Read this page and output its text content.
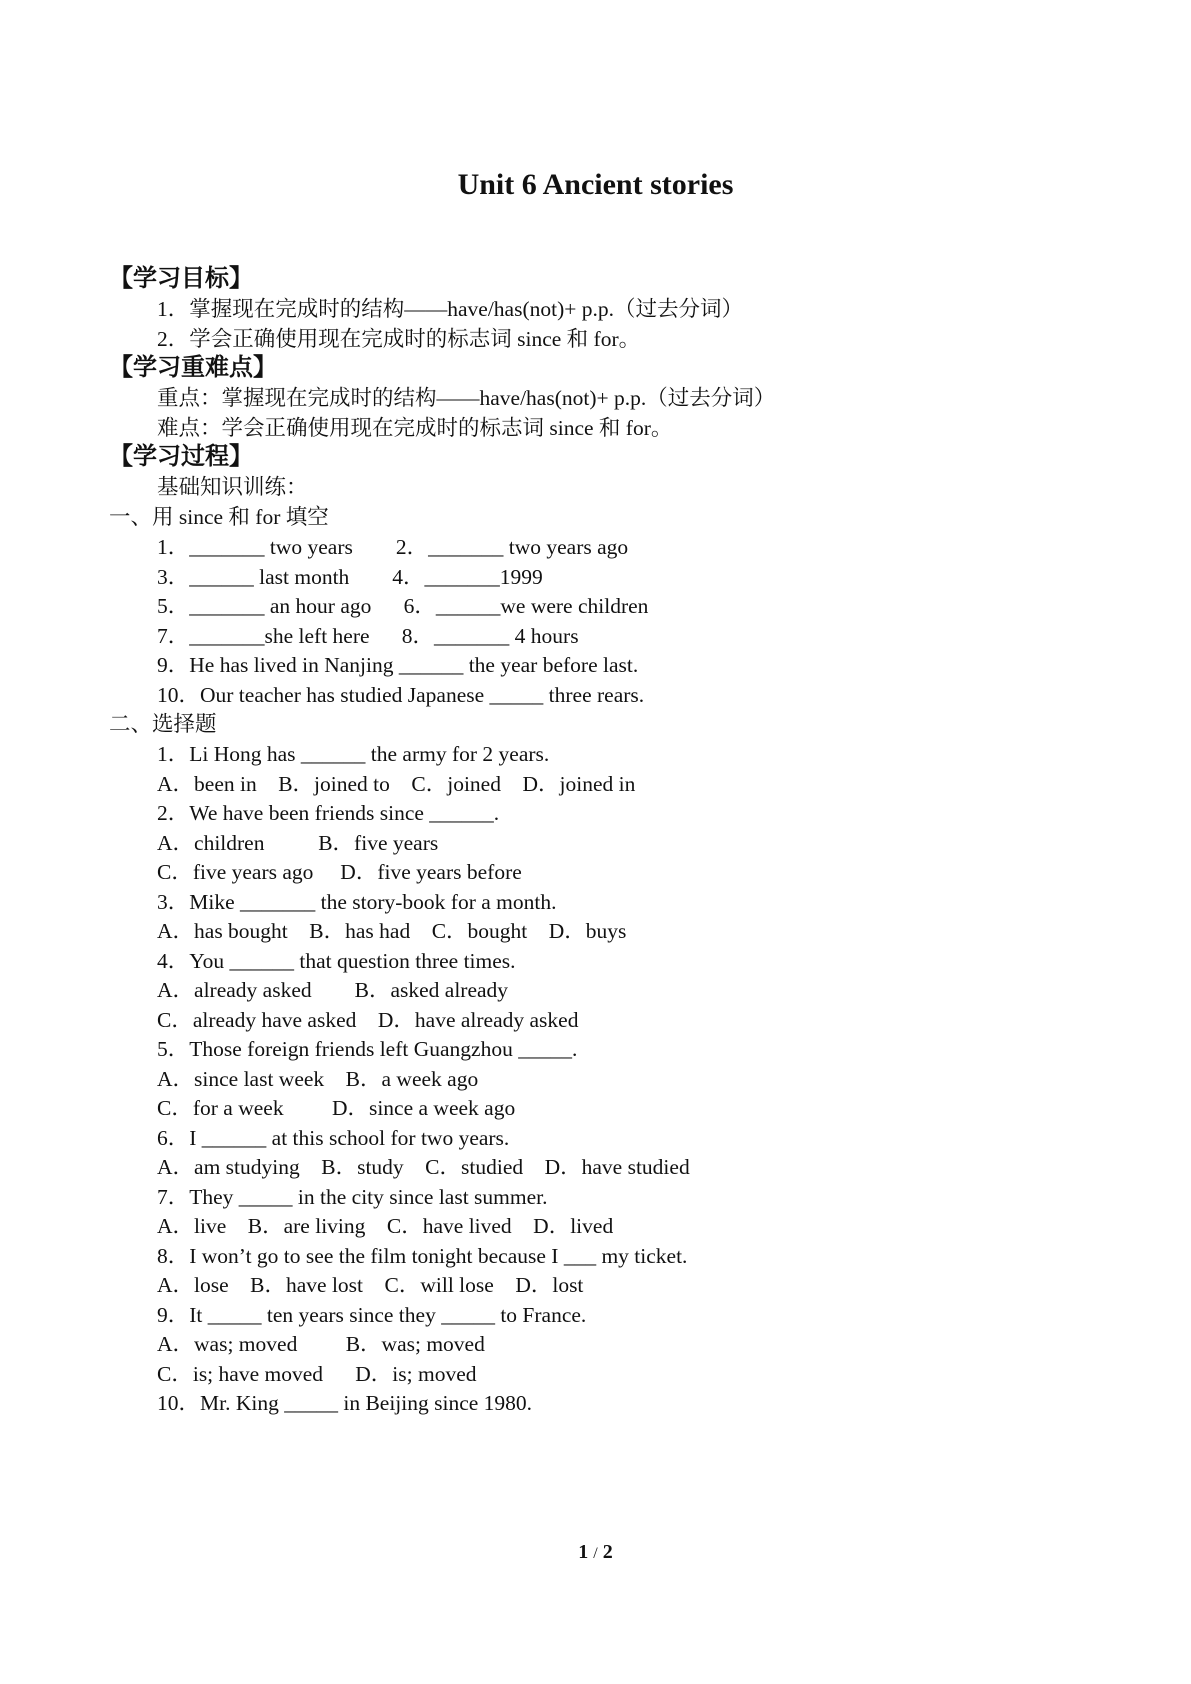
Unit 6 Ancient stories
【学习目标】
1．掌握现在完成时的结构——have/has(not)+ p.p.（过去分词）
2．学会正确使用现在完成时的标志词 since 和 for。
【学习重难点】
重点：掌握现在完成时的结构——have/has(not)+ p.p.（过去分词）
难点：学会正确使用现在完成时的标志词 since 和 for。
【学习过程】
基础知识训练：
一、用 since 和 for 填空
1．_______ two years        2．_______ two years ago
3．______ last month        4．_______1999
5．_______ an hour ago      6．______we were children
7．_______she left here      8．_______ 4 hours
9．He has lived in Nanjing ______ the year before last.
10．Our teacher has studied Japanese _____ three rears.
二、选择题
1．Li Hong has ______ the army for 2 years.
A．been in    B．joined to    C．joined    D．joined in
2．We have been friends since ______.
A．children          B．five years
C．five years ago     D．five years before
3．Mike _______ the story-book for a month.
A．has bought    B．has had    C．bought    D．buys
4．You ______ that question three times.
A．already asked        B．asked already
C．already have asked    D．have already asked
5．Those foreign friends left Guangzhou _____.
A．since last week    B．a week ago
C．for a week         D．since a week ago
6．I ______ at this school for two years.
A．am studying    B．study    C．studied    D．have studied
7．They _____ in the city since last summer.
A．live    B．are living    C．have lived    D．lived
8．I won’t go to see the film tonight because I ___ my ticket.
A．lose    B．have lost    C．will lose    D．lost
9．It _____ ten years since they _____ to France.
A．was; moved         B．was; moved
C．is; have moved      D．is; moved
10．Mr. King _____ in Beijing since 1980.
1 / 2
